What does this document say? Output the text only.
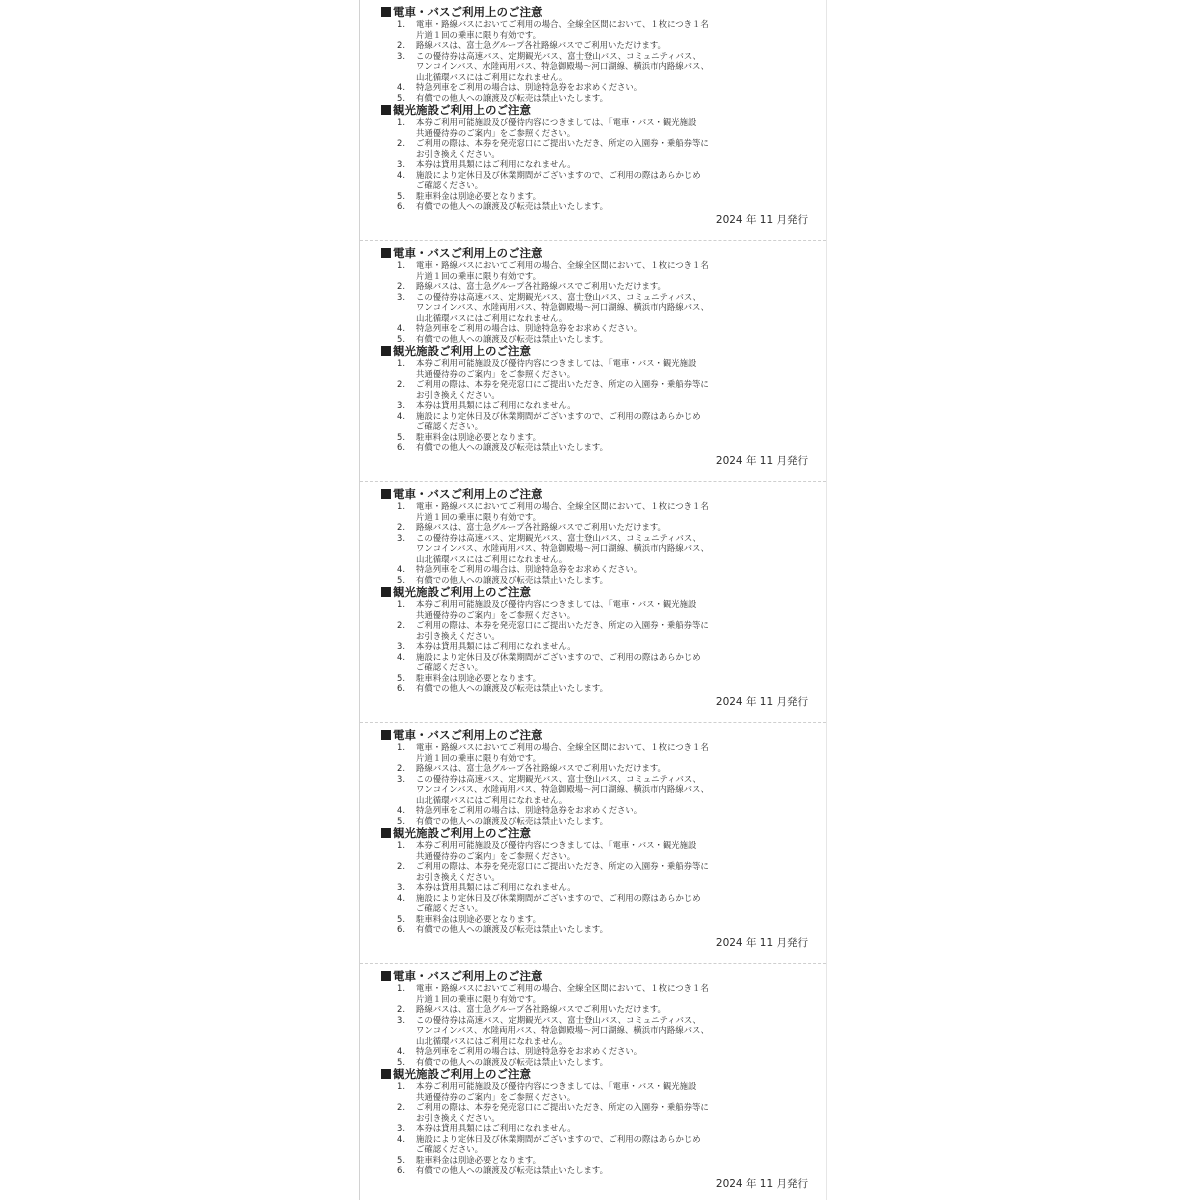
電車・バスご利用上のご注意
1.	電車・路線バスにおいてご利用の場合、全線全区間において、１枚につき１名
片道１回の乗車に限り有効です。
2.	路線バスは、富士急グループ各社路線バスでご利用いただけます。
3.	この優待券は高速バス、定期観光バス、富士登山バス、コミュニティバス、
ワンコインバス、水陸両用バス、特急御殿場〜河口湖線、横浜市内路線バス、
山北循環バスにはご利用になれません。
4.	特急列車をご利用の場合は、別途特急券をお求めください。
5.	有償での他人への譲渡及び転売は禁止いたします。
観光施設ご利用上のご注意
1.	本券ご利用可能施設及び優待内容につきましては、「電車・バス・観光施設
共通優待券のご案内」をご参照ください。
2.	ご利用の際は、本券を発売窓口にご提出いただき、所定の入園券・乗船券等に
お引き換えください。
3.	本券は貸用具類にはご利用になれません。
4.	施設により定休日及び休業期間がございますので、ご利用の際はあらかじめ
ご確認ください。
5.	駐車料金は別途必要となります。
6.	有償での他人への譲渡及び転売は禁止いたします。
2024 年 11 月発行
電車・バスご利用上のご注意
1.	電車・路線バスにおいてご利用の場合、全線全区間において、１枚につき１名
片道１回の乗車に限り有効です。
2.	路線バスは、富士急グループ各社路線バスでご利用いただけます。
3.	この優待券は高速バス、定期観光バス、富士登山バス、コミュニティバス、
ワンコインバス、水陸両用バス、特急御殿場〜河口湖線、横浜市内路線バス、
山北循環バスにはご利用になれません。
4.	特急列車をご利用の場合は、別途特急券をお求めください。
5.	有償での他人への譲渡及び転売は禁止いたします。
観光施設ご利用上のご注意
1.	本券ご利用可能施設及び優待内容につきましては、「電車・バス・観光施設
共通優待券のご案内」をご参照ください。
2.	ご利用の際は、本券を発売窓口にご提出いただき、所定の入園券・乗船券等に
お引き換えください。
3.	本券は貸用具類にはご利用になれません。
4.	施設により定休日及び休業期間がございますので、ご利用の際はあらかじめ
ご確認ください。
5.	駐車料金は別途必要となります。
6.	有償での他人への譲渡及び転売は禁止いたします。
2024 年 11 月発行
電車・バスご利用上のご注意
1.	電車・路線バスにおいてご利用の場合、全線全区間において、１枚につき１名
片道１回の乗車に限り有効です。
2.	路線バスは、富士急グループ各社路線バスでご利用いただけます。
3.	この優待券は高速バス、定期観光バス、富士登山バス、コミュニティバス、
ワンコインバス、水陸両用バス、特急御殿場〜河口湖線、横浜市内路線バス、
山北循環バスにはご利用になれません。
4.	特急列車をご利用の場合は、別途特急券をお求めください。
5.	有償での他人への譲渡及び転売は禁止いたします。
観光施設ご利用上のご注意
1.	本券ご利用可能施設及び優待内容につきましては、「電車・バス・観光施設
共通優待券のご案内」をご参照ください。
2.	ご利用の際は、本券を発売窓口にご提出いただき、所定の入園券・乗船券等に
お引き換えください。
3.	本券は貸用具類にはご利用になれません。
4.	施設により定休日及び休業期間がございますので、ご利用の際はあらかじめ
ご確認ください。
5.	駐車料金は別途必要となります。
6.	有償での他人への譲渡及び転売は禁止いたします。
2024 年 11 月発行
電車・バスご利用上のご注意
1.	電車・路線バスにおいてご利用の場合、全線全区間において、１枚につき１名
片道１回の乗車に限り有効です。
2.	路線バスは、富士急グループ各社路線バスでご利用いただけます。
3.	この優待券は高速バス、定期観光バス、富士登山バス、コミュニティバス、
ワンコインバス、水陸両用バス、特急御殿場〜河口湖線、横浜市内路線バス、
山北循環バスにはご利用になれません。
4.	特急列車をご利用の場合は、別途特急券をお求めください。
5.	有償での他人への譲渡及び転売は禁止いたします。
観光施設ご利用上のご注意
1.	本券ご利用可能施設及び優待内容につきましては、「電車・バス・観光施設
共通優待券のご案内」をご参照ください。
2.	ご利用の際は、本券を発売窓口にご提出いただき、所定の入園券・乗船券等に
お引き換えください。
3.	本券は貸用具類にはご利用になれません。
4.	施設により定休日及び休業期間がございますので、ご利用の際はあらかじめ
ご確認ください。
5.	駐車料金は別途必要となります。
6.	有償での他人への譲渡及び転売は禁止いたします。
2024 年 11 月発行
電車・バスご利用上のご注意
1.	電車・路線バスにおいてご利用の場合、全線全区間において、１枚につき１名
片道１回の乗車に限り有効です。
2.	路線バスは、富士急グループ各社路線バスでご利用いただけます。
3.	この優待券は高速バス、定期観光バス、富士登山バス、コミュニティバス、
ワンコインバス、水陸両用バス、特急御殿場〜河口湖線、横浜市内路線バス、
山北循環バスにはご利用になれません。
4.	特急列車をご利用の場合は、別途特急券をお求めください。
5.	有償での他人への譲渡及び転売は禁止いたします。
観光施設ご利用上のご注意
1.	本券ご利用可能施設及び優待内容につきましては、「電車・バス・観光施設
共通優待券のご案内」をご参照ください。
2.	ご利用の際は、本券を発売窓口にご提出いただき、所定の入園券・乗船券等に
お引き換えください。
3.	本券は貸用具類にはご利用になれません。
4.	施設により定休日及び休業期間がございますので、ご利用の際はあらかじめ
ご確認ください。
5.	駐車料金は別途必要となります。
6.	有償での他人への譲渡及び転売は禁止いたします。
2024 年 11 月発行
